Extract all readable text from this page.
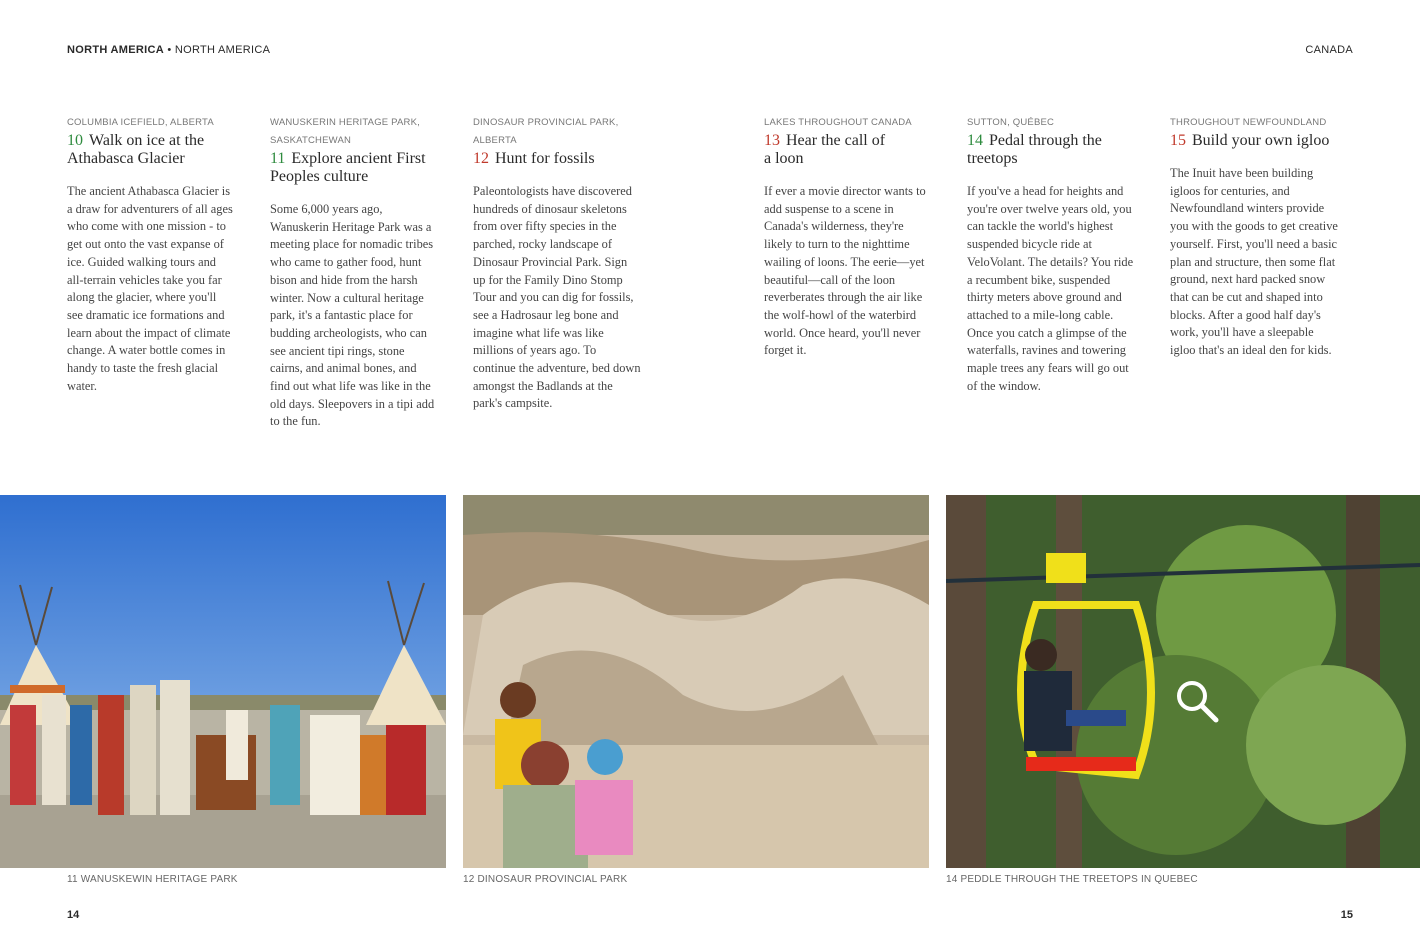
NORTH AMERICA • NORTH AMERICA	CANADA
COLUMBIA ICEFIELD, ALBERTA
10 Walk on ice at the Athabasca Glacier
The ancient Athabasca Glacier is a draw for adventurers of all ages who come with one mission - to get out onto the vast expanse of ice. Guided walking tours and all-terrain vehicles take you far along the glacier, where you'll see dramatic ice formations and learn about the impact of climate change. A water bottle comes in handy to taste the fresh glacial water.
WANUSKERIN HERITAGE PARK, SASKATCHEWAN
11 Explore ancient First Peoples culture
Some 6,000 years ago, Wanuskerin Heritage Park was a meeting place for nomadic tribes who came to gather food, hunt bison and hide from the harsh winter. Now a cultural heritage park, it's a fantastic place for budding archeologists, who can see ancient tipi rings, stone cairns, and animal bones, and find out what life was like in the old days. Sleepovers in a tipi add to the fun.
DINOSAUR PROVINCIAL PARK, ALBERTA
12 Hunt for fossils
Paleontologists have discovered hundreds of dinosaur skeletons from over fifty species in the parched, rocky landscape of Dinosaur Provincial Park. Sign up for the Family Dino Stomp Tour and you can dig for fossils, see a Hadrosaur leg bone and imagine what life was like millions of years ago. To continue the adventure, bed down amongst the Badlands at the park's campsite.
LAKES THROUGHOUT CANADA
13 Hear the call of a loon
If ever a movie director wants to add suspense to a scene in Canada's wilderness, they're likely to turn to the nighttime wailing of loons. The eerie—yet beautiful—call of the loon reverberates through the air like the wolf-howl of the waterbird world. Once heard, you'll never forget it.
SUTTON, QUÉBEC
14 Pedal through the treetops
If you've a head for heights and you're over twelve years old, you can tackle the world's highest suspended bicycle ride at VeloVolant. The details? You ride a recumbent bike, suspended thirty meters above ground and attached to a mile-long cable. Once you catch a glimpse of the waterfalls, ravines and towering maple trees any fears will go out of the window.
THROUGHOUT NEWFOUNDLAND
15 Build your own igloo
The Inuit have been building igloos for centuries, and Newfoundland winters provide you with the goods to get creative yourself. First, you'll need a basic plan and structure, then some flat ground, next hard packed snow that can be cut and shaped into blocks. After a good half day's work, you'll have a sleepable igloo that's an ideal den for kids.
11 WANUSKEWIN HERITAGE PARK	12 DINOSAUR PROVINCIAL PARK	14 PEDDLE THROUGH THE TREETOPS IN QUEBEC
14	15
